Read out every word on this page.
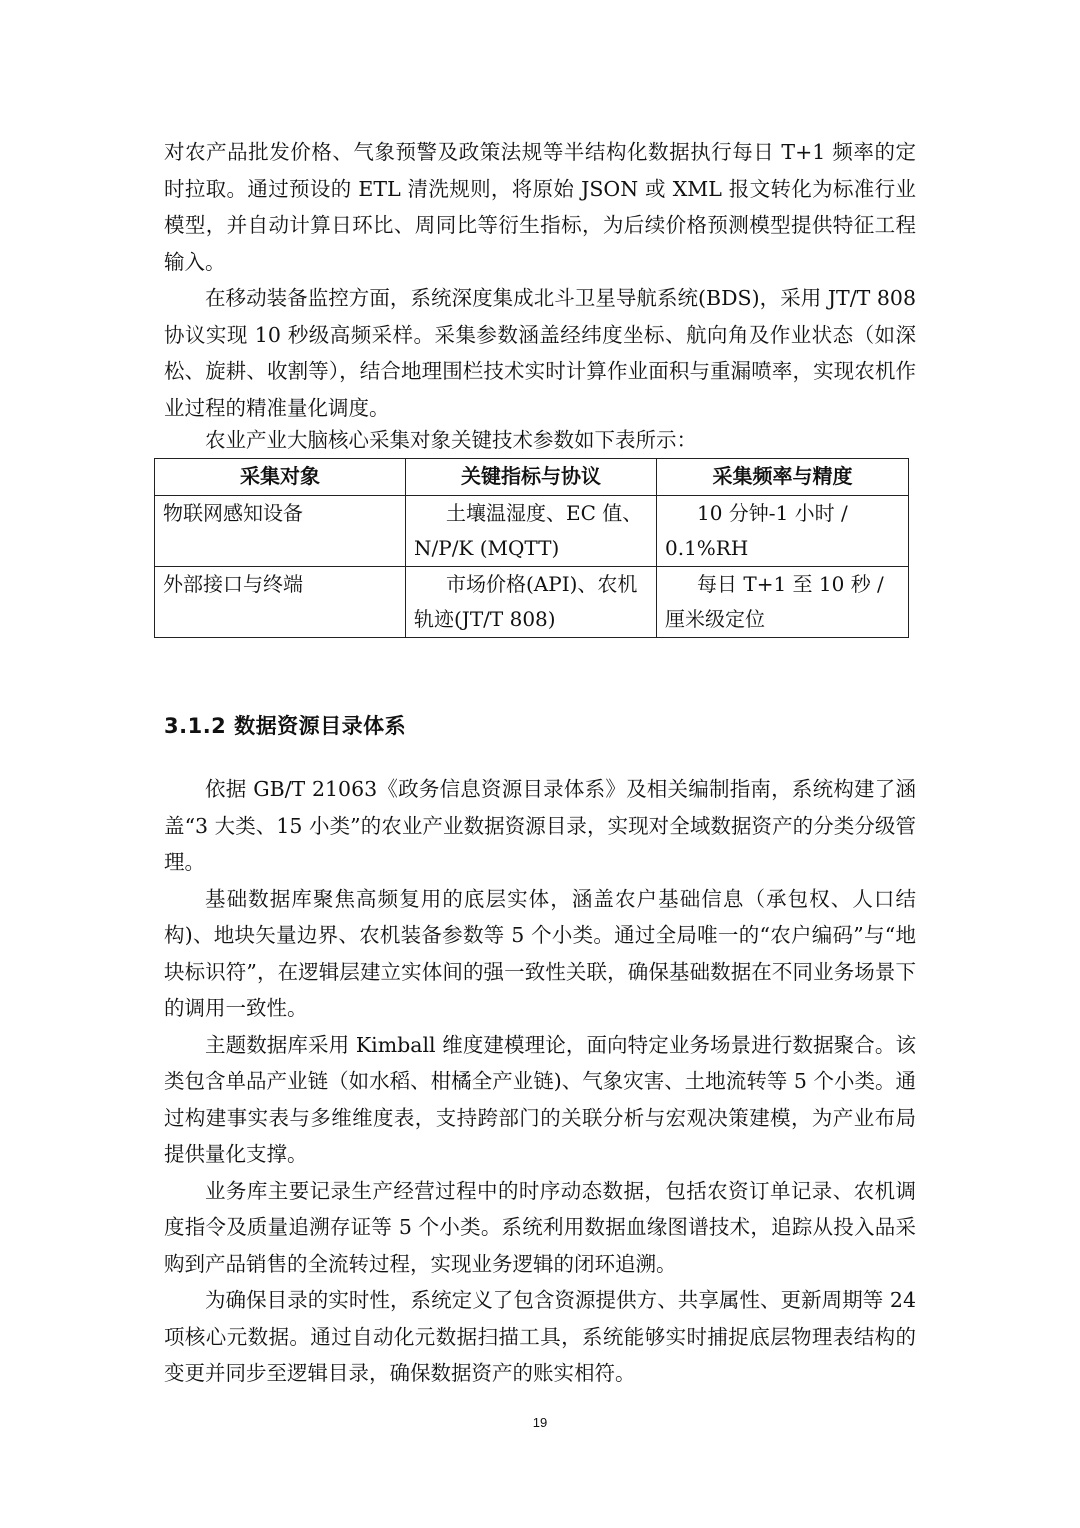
对农产品批发价格、气象预警及政策法规等半结构化数据执行每日 T+1 频率的定时拉取。通过预设的 ETL 清洗规则，将原始 JSON 或 XML 报文转化为标准行业模型，并自动计算日环比、周同比等衍生指标，为后续价格预测模型提供特征工程输入。

在移动装备监控方面，系统深度集成北斗卫星导航系统(BDS)，采用 JT/T 808 协议实现 10 秒级高频采样。采集参数涵盖经纬度坐标、航向角及作业状态（如深松、旋耕、收割等），结合地理围栏技术实时计算作业面积与重漏喷率，实现农机作业过程的精准量化调度。

农业产业大脑核心采集对象关键技术参数如下表所示：
采集对象	关键指标与协议	采集频率与精度
物联网感知设备	土壤温湿度、EC 值、N/P/K (MQTT)	10 分钟-1 小时 / 0.1%RH
外部接口与终端	市场价格(API)、农机轨迹(JT/T 808)	每日 T+1 至 10 秒 / 厘米级定位
3.1.2 数据资源目录体系

依据 GB/T 21063《政务信息资源目录体系》及相关编制指南，系统构建了涵盖“3 大类、15 小类”的农业产业数据资源目录，实现对全域数据资产的分类分级管理。

基础数据库聚焦高频复用的底层实体，涵盖农户基础信息（承包权、人口结构)、地块矢量边界、农机装备参数等 5 个小类。通过全局唯一的“农户编码”与“地块标识符”，在逻辑层建立实体间的强一致性关联，确保基础数据在不同业务场景下的调用一致性。

主题数据库采用 Kimball 维度建模理论，面向特定业务场景进行数据聚合。该类包含单品产业链（如水稻、柑橘全产业链)、气象灾害、土地流转等 5 个小类。通过构建事实表与多维维度表，支持跨部门的关联分析与宏观决策建模，为产业布局提供量化支撑。

业务库主要记录生产经营过程中的时序动态数据，包括农资订单记录、农机调度指令及质量追溯存证等 5 个小类。系统利用数据血缘图谱技术，追踪从投入品采购到产品销售的全流转过程，实现业务逻辑的闭环追溯。

为确保目录的实时性，系统定义了包含资源提供方、共享属性、更新周期等 24 项核心元数据。通过自动化元数据扫描工具，系统能够实时捕捉底层物理表结构的变更并同步至逻辑目录，确保数据资产的账实相符。

19
